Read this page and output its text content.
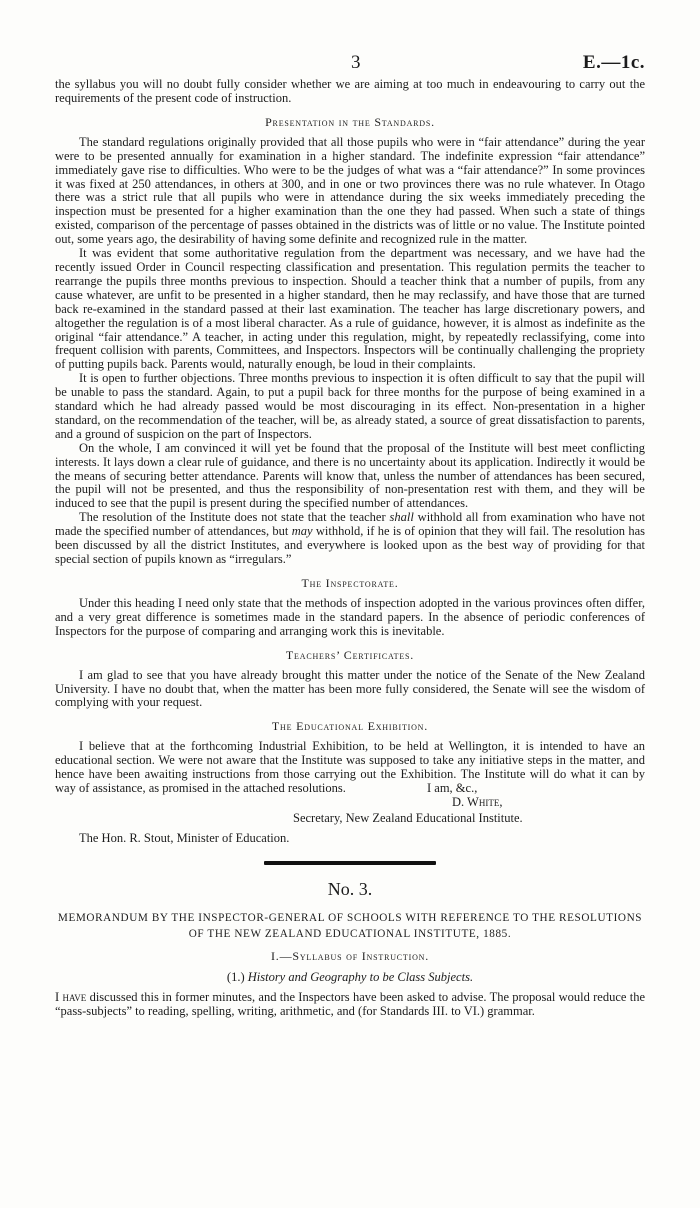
3	E.—1c.

the syllabus you will no doubt fully consider whether we are aiming at too much in endeavouring to carry out the requirements of the present code of instruction.

Presentation in the Standards.

The standard regulations originally provided that all those pupils who were in “fair attendance” during the year were to be presented annually for examination in a higher standard. The indefinite expression “fair attendance” immediately gave rise to difficulties. Who were to be the judges of what was a “fair attendance?” In some provinces it was fixed at 250 attendances, in others at 300, and in one or two provinces there was no rule whatever. In Otago there was a strict rule that all pupils who were in attendance during the six weeks immediately preceding the inspection must be presented for a higher examination than the one they had passed. When such a state of things existed, comparison of the percentage of passes obtained in the districts was of little or no value. The Institute pointed out, some years ago, the desirability of having some definite and recognized rule in the matter.

It was evident that some authoritative regulation from the department was necessary, and we have had the recently issued Order in Council respecting classification and presentation. This regulation permits the teacher to rearrange the pupils three months previous to inspection. Should a teacher think that a number of pupils, from any cause whatever, are unfit to be presented in a higher standard, then he may reclassify, and have those that are turned back re-examined in the standard passed at their last examination. The teacher has large discretionary powers, and altogether the regulation is of a most liberal character. As a rule of guidance, however, it is almost as indefinite as the original “fair attendance.” A teacher, in acting under this regulation, might, by repeatedly reclassifying, come into frequent collision with parents, Committees, and Inspectors. Inspectors will be continually challenging the propriety of putting pupils back. Parents would, naturally enough, be loud in their complaints.

It is open to further objections. Three months previous to inspection it is often difficult to say that the pupil will be unable to pass the standard. Again, to put a pupil back for three months for the purpose of being examined in a standard which he had already passed would be most discouraging in its effect. Non-presentation in a higher standard, on the recommendation of the teacher, will be, as already stated, a source of great dissatisfaction to parents, and a ground of suspicion on the part of Inspectors.

On the whole, I am convinced it will yet be found that the proposal of the Institute will best meet conflicting interests. It lays down a clear rule of guidance, and there is no uncertainty about its application. Indirectly it would be the means of securing better attendance. Parents will know that, unless the number of attendances has been secured, the pupil will not be presented, and thus the responsibility of non-presentation rest with them, and they will be induced to see that the pupil is present during the specified number of attendances.

The resolution of the Institute does not state that the teacher shall withhold all from examination who have not made the specified number of attendances, but may withhold, if he is of opinion that they will fail. The resolution has been discussed by all the district Institutes, and everywhere is looked upon as the best way of providing for that special section of pupils known as “irregulars.”

The Inspectorate.

Under this heading I need only state that the methods of inspection adopted in the various provinces often differ, and a very great difference is sometimes made in the standard papers. In the absence of periodic conferences of Inspectors for the purpose of comparing and arranging work this is inevitable.

Teachers’ Certificates.

I am glad to see that you have already brought this matter under the notice of the Senate of the New Zealand University. I have no doubt that, when the matter has been more fully considered, the Senate will see the wisdom of complying with your request.

The Educational Exhibition.

I believe that at the forthcoming Industrial Exhibition, to be held at Wellington, it is intended to have an educational section. We were not aware that the Institute was supposed to take any initiative steps in the matter, and hence have been awaiting instructions from those carrying out the Exhibition. The Institute will do what it can by way of assistance, as promised in the attached resolutions.	I am, &c.,
D. White,
Secretary, New Zealand Educational Institute.
The Hon. R. Stout, Minister of Education.
No. 3.
MEMORANDUM BY THE INSPECTOR-GENERAL OF SCHOOLS WITH REFERENCE TO THE RESOLUTIONS OF THE NEW ZEALAND EDUCATIONAL INSTITUTE, 1885.
I.—Syllabus of Instruction.
(1.) History and Geography to be Class Subjects.

I have discussed this in former minutes, and the Inspectors have been asked to advise. The proposal would reduce the “pass-subjects” to reading, spelling, writing, arithmetic, and (for Standards III. to VI.) grammar.
